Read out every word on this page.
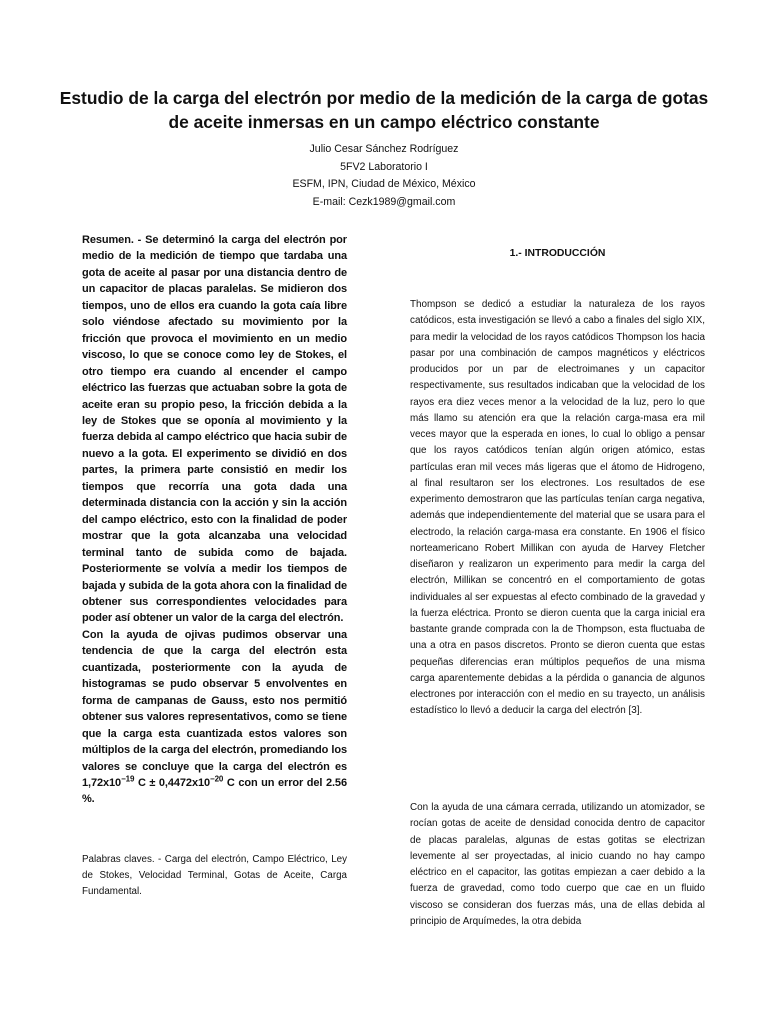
Estudio de la carga del electrón por medio de la medición de la carga de gotas de aceite inmersas en un campo eléctrico constante
Julio Cesar Sánchez Rodríguez
5FV2 Laboratorio I
ESFM, IPN, Ciudad de México, México
E-mail: Cezk1989@gmail.com

Resumen. - Se determinó la carga del electrón por medio de la medición de tiempo que tardaba una gota de aceite al pasar por una distancia dentro de un capacitor de placas paralelas. Se midieron dos tiempos, uno de ellos era cuando la gota caía libre solo viéndose afectado su movimiento por la fricción que provoca el movimiento en un medio viscoso, lo que se conoce como ley de Stokes, el otro tiempo era cuando al encender el campo eléctrico las fuerzas que actuaban sobre la gota de aceite eran su propio peso, la fricción debida a la ley de Stokes que se oponía al movimiento y la fuerza debida al campo eléctrico que hacia subir de nuevo a la gota. El experimento se dividió en dos partes, la primera parte consistió en medir los tiempos que recorría una gota dada una determinada distancia con la acción y sin la acción del campo eléctrico, esto con la finalidad de poder mostrar que la gota alcanzaba una velocidad terminal tanto de subida como de bajada. Posteriormente se volvía a medir los tiempos de bajada y subida de la gota ahora con la finalidad de obtener sus correspondientes velocidades para poder así obtener un valor de la carga del electrón.

Con la ayuda de ojivas pudimos observar una tendencia de que la carga del electrón esta cuantizada, posteriormente con la ayuda de histogramas se pudo observar 5 envolventes en forma de campanas de Gauss, esto nos permitió obtener sus valores representativos, como se tiene que la carga esta cuantizada estos valores son múltiplos de la carga del electrón, promediando los valores se concluye que la carga del electrón es $1,72x10^{-19}$ $C \pm 0,4472x10^{-20}$ C con un error del 2.56 %.

Palabras claves. - Carga del electrón, Campo Eléctrico, Ley de Stokes, Velocidad Terminal, Gotas de Aceite, Carga Fundamental.

1.- INTRODUCCIÓN

Thompson se dedicó a estudiar la naturaleza de los rayos catódicos, esta investigación se llevó a cabo a finales del siglo XIX, para medir la velocidad de los rayos catódicos Thompson los hacia pasar por una combinación de campos magnéticos y eléctricos producidos por un par de electroimanes y un capacitor respectivamente, sus resultados indicaban que la velocidad de los rayos era diez veces menor a la velocidad de la luz, pero lo que más llamo su atención era que la relación carga-masa era mil veces mayor que la esperada en iones, lo cual lo obligo a pensar que los rayos catódicos tenían algún origen atómico, estas partículas eran mil veces más ligeras que el átomo de Hidrogeno, al final resultaron ser los electrones. Los resultados de ese experimento demostraron que las partículas tenían carga negativa, además que independientemente del material que se usara para el electrodo, la relación carga-masa era constante. En 1906 el físico norteamericano Robert Millikan con ayuda de Harvey Fletcher diseñaron y realizaron un experimento para medir la carga del electrón, Millikan se concentró en el comportamiento de gotas individuales al ser expuestas al efecto combinado de la gravedad y la fuerza eléctrica. Pronto se dieron cuenta que la carga inicial era bastante grande comprada con la de Thompson, esta fluctuaba de una a otra en pasos discretos. Pronto se dieron cuenta que estas pequeñas diferencias eran múltiplos pequeños de una misma carga aparentemente debidas a la pérdida o ganancia de algunos electrones por interacción con el medio en su trayecto, un análisis estadístico lo llevó a deducir la carga del electrón [3].

Con la ayuda de una cámara cerrada, utilizando un atomizador, se rocían gotas de aceite de densidad conocida dentro de capacitor de placas paralelas, algunas de estas gotitas se electrizan levemente al ser proyectadas, al inicio cuando no hay campo eléctrico en el capacitor, las gotitas empiezan a caer debido a la fuerza de gravedad, como todo cuerpo que cae en un fluido viscoso se consideran dos fuerzas más, una de ellas debida al principio de Arquímedes, la otra debida
